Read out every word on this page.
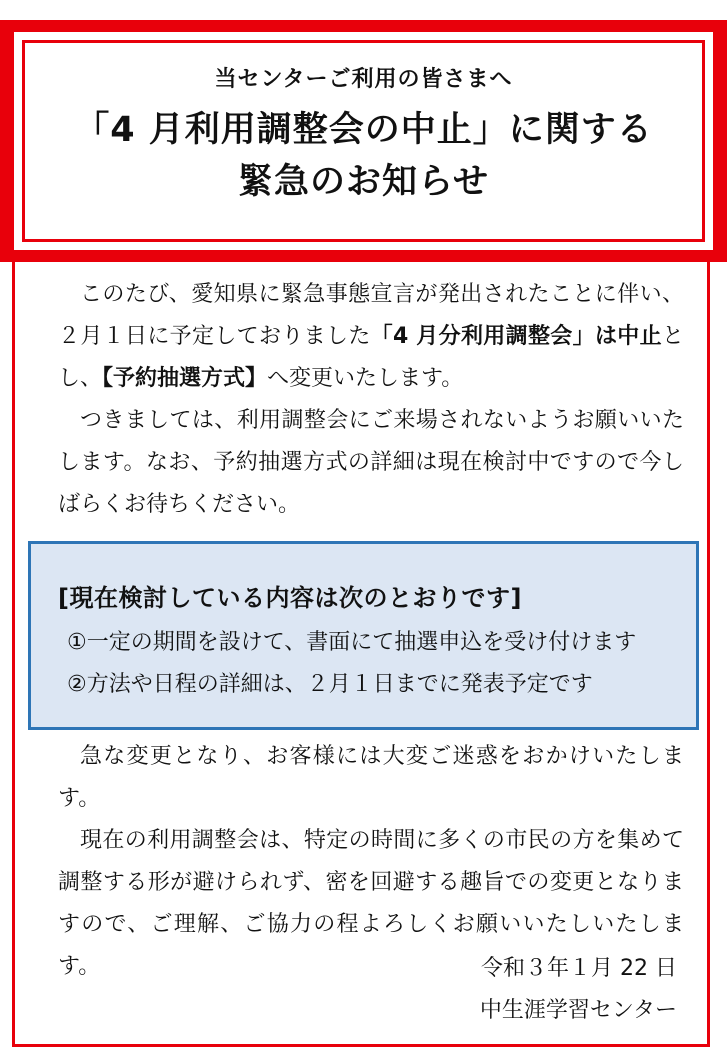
当センターご利用の皆さまへ
「4 月利用調整会の中止」に関する
緊急のお知らせ

このたび、愛知県に緊急事態宣言が発出されたことに伴い、２月１日に予定しておりました「4 月分利用調整会」は中止とし、【予約抽選方式】へ変更いたします。

つきましては、利用調整会にご来場されないようお願いいたします。なお、予約抽選方式の詳細は現在検討中ですので今しばらくお待ちください。

[現在検討している内容は次のとおりです]
①一定の期間を設けて、書面にて抽選申込を受け付けます
②方法や日程の詳細は、２月１日までに発表予定です

急な変更となり、お客様には大変ご迷惑をおかけいたします。

現在の利用調整会は、特定の時間に多くの市民の方を集めて調整する形が避けられず、密を回避する趣旨での変更となりますので、ご理解、ご協力の程よろしくお願いいたしいたします。	令和３年１月 22 日
中生涯学習センター
